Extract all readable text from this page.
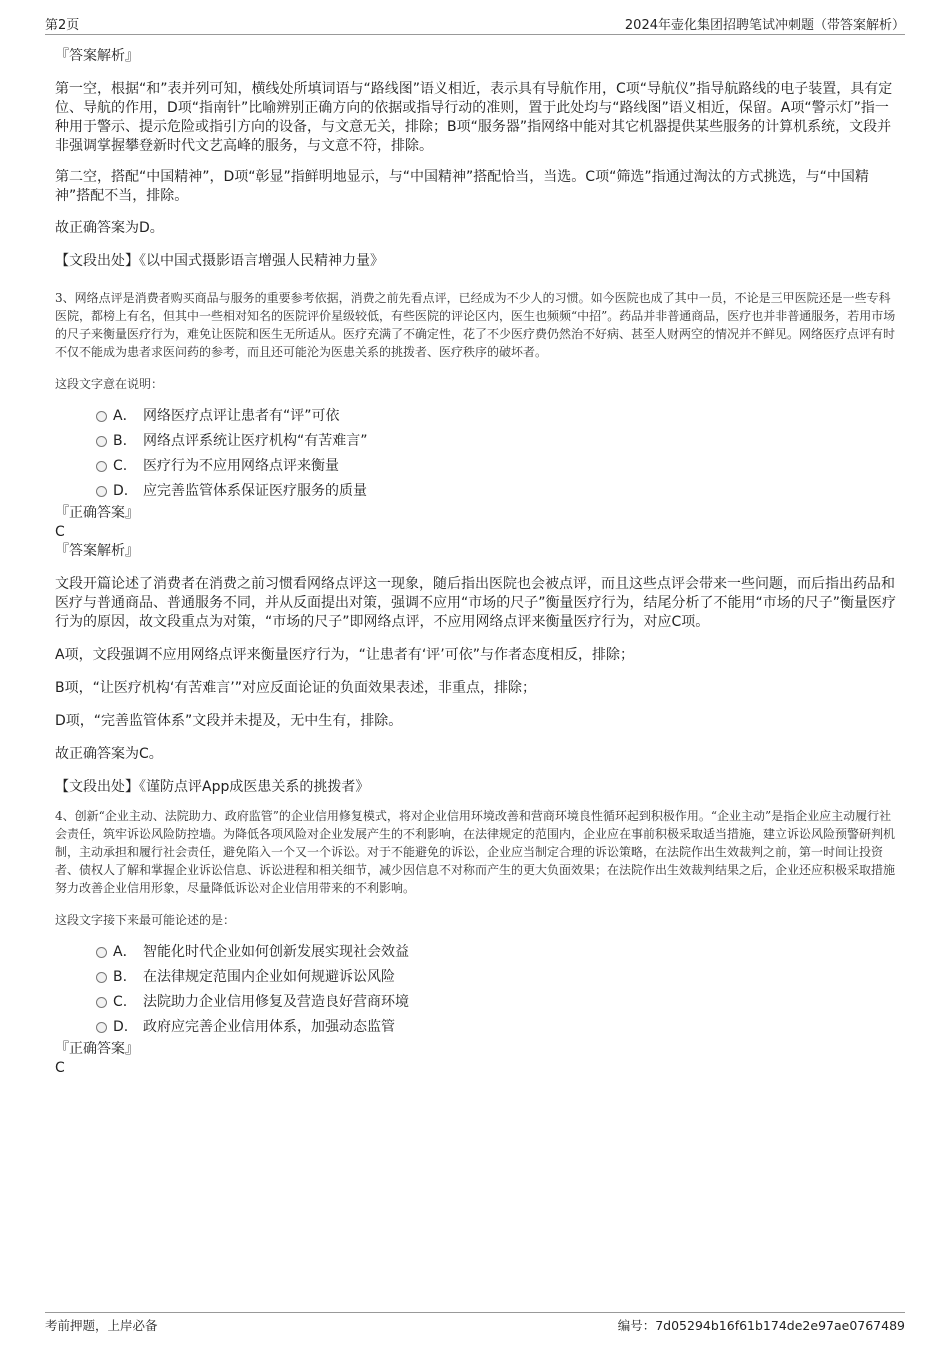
第2页	2024年壶化集团招聘笔试冲刺题（带答案解析）

『答案解析』

第一空，根据“和”表并列可知，横线处所填词语与“路线图”语义相近，表示具有导航作用，C项“导航仪”指导航路线的电子装置，具有定位、导航的作用，D项“指南针”比喻辨别正确方向的依据或指导行动的准则，置于此处均与“路线图”语义相近，保留。A项“警示灯”指一种用于警示、提示危险或指引方向的设备，与文意无关，排除；B项“服务器”指网络中能对其它机器提供某些服务的计算机系统，文段并非强调掌握攀登新时代文艺高峰的服务，与文意不符，排除。

第二空，搭配“中国精神”，D项“彰显”指鲜明地显示，与“中国精神”搭配恰当，当选。C项“筛选”指通过淘汰的方式挑选，与“中国精神”搭配不当，排除。

故正确答案为D。

【文段出处】《以中国式摄影语言增强人民精神力量》

3、网络点评是消费者购买商品与服务的重要参考依据，消费之前先看点评，已经成为不少人的习惯。如今医院也成了其中一员，不论是三甲医院还是一些专科医院，都榜上有名，但其中一些相对知名的医院评价星级较低，有些医院的评论区内，医生也频频“中招”。药品并非普通商品，医疗也并非普通服务，若用市场的尺子来衡量医疗行为，难免让医院和医生无所适从。医疗充满了不确定性，花了不少医疗费仍然治不好病、甚至人财两空的情况并不鲜见。网络医疗点评有时不仅不能成为患者求医问药的参考，而且还可能沦为医患关系的挑拨者、医疗秩序的破坏者。

这段文字意在说明：

A． 网络医疗点评让患者有“评”可依

B. 网络点评系统让医疗机构“有苦难言”

C. 医疗行为不应用网络点评来衡量

D. 应完善监管体系保证医疗服务的质量

『正确答案』

C

『答案解析』

文段开篇论述了消费者在消费之前习惯看网络点评这一现象，随后指出医院也会被点评，而且这些点评会带来一些问题，而后指出药品和医疗与普通商品、普通服务不同，并从反面提出对策，强调不应用“市场的尺子”衡量医疗行为，结尾分析了不能用“市场的尺子”衡量医疗行为的原因，故文段重点为对策，“市场的尺子”即网络点评，不应用网络点评来衡量医疗行为，对应C项。

A项，文段强调不应用网络点评来衡量医疗行为，“让患者有‘评’可依”与作者态度相反，排除；

B项，“让医疗机构‘有苦难言’”对应反面论证的负面效果表述，非重点，排除；

D项，“完善监管体系”文段并未提及，无中生有，排除。

故正确答案为C。

【文段出处】《谨防点评App成医患关系的挑拨者》

4、创新“企业主动、法院助力、政府监管”的企业信用修复模式，将对企业信用环境改善和营商环境良性循环起到积极作用。“企业主动”是指企业应主动履行社会责任，筑牢诉讼风险防控墙。为降低各项风险对企业发展产生的不利影响，在法律规定的范围内，企业应在事前积极采取适当措施，建立诉讼风险预警研判机制，主动承担和履行社会责任，避免陷入一个又一个诉讼。对于不能避免的诉讼，企业应当制定合理的诉讼策略，在法院作出生效裁判之前，第一时间让投资者、债权人了解和掌握企业诉讼信息、诉讼进程和相关细节，减少因信息不对称而产生的更大负面效果；在法院作出生效裁判结果之后，企业还应积极采取措施努力改善企业信用形象，尽量降低诉讼对企业信用带来的不利影响。

这段文字接下来最可能论述的是：

A． 智能化时代企业如何创新发展实现社会效益

B. 在法律规定范围内企业如何规避诉讼风险

C. 法院助力企业信用修复及营造良好营商环境

D. 政府应完善企业信用体系，加强动态监管

『正确答案』

C

考前押题，上岸必备	编号：7d05294b16f61b174de2e97ae0767489
